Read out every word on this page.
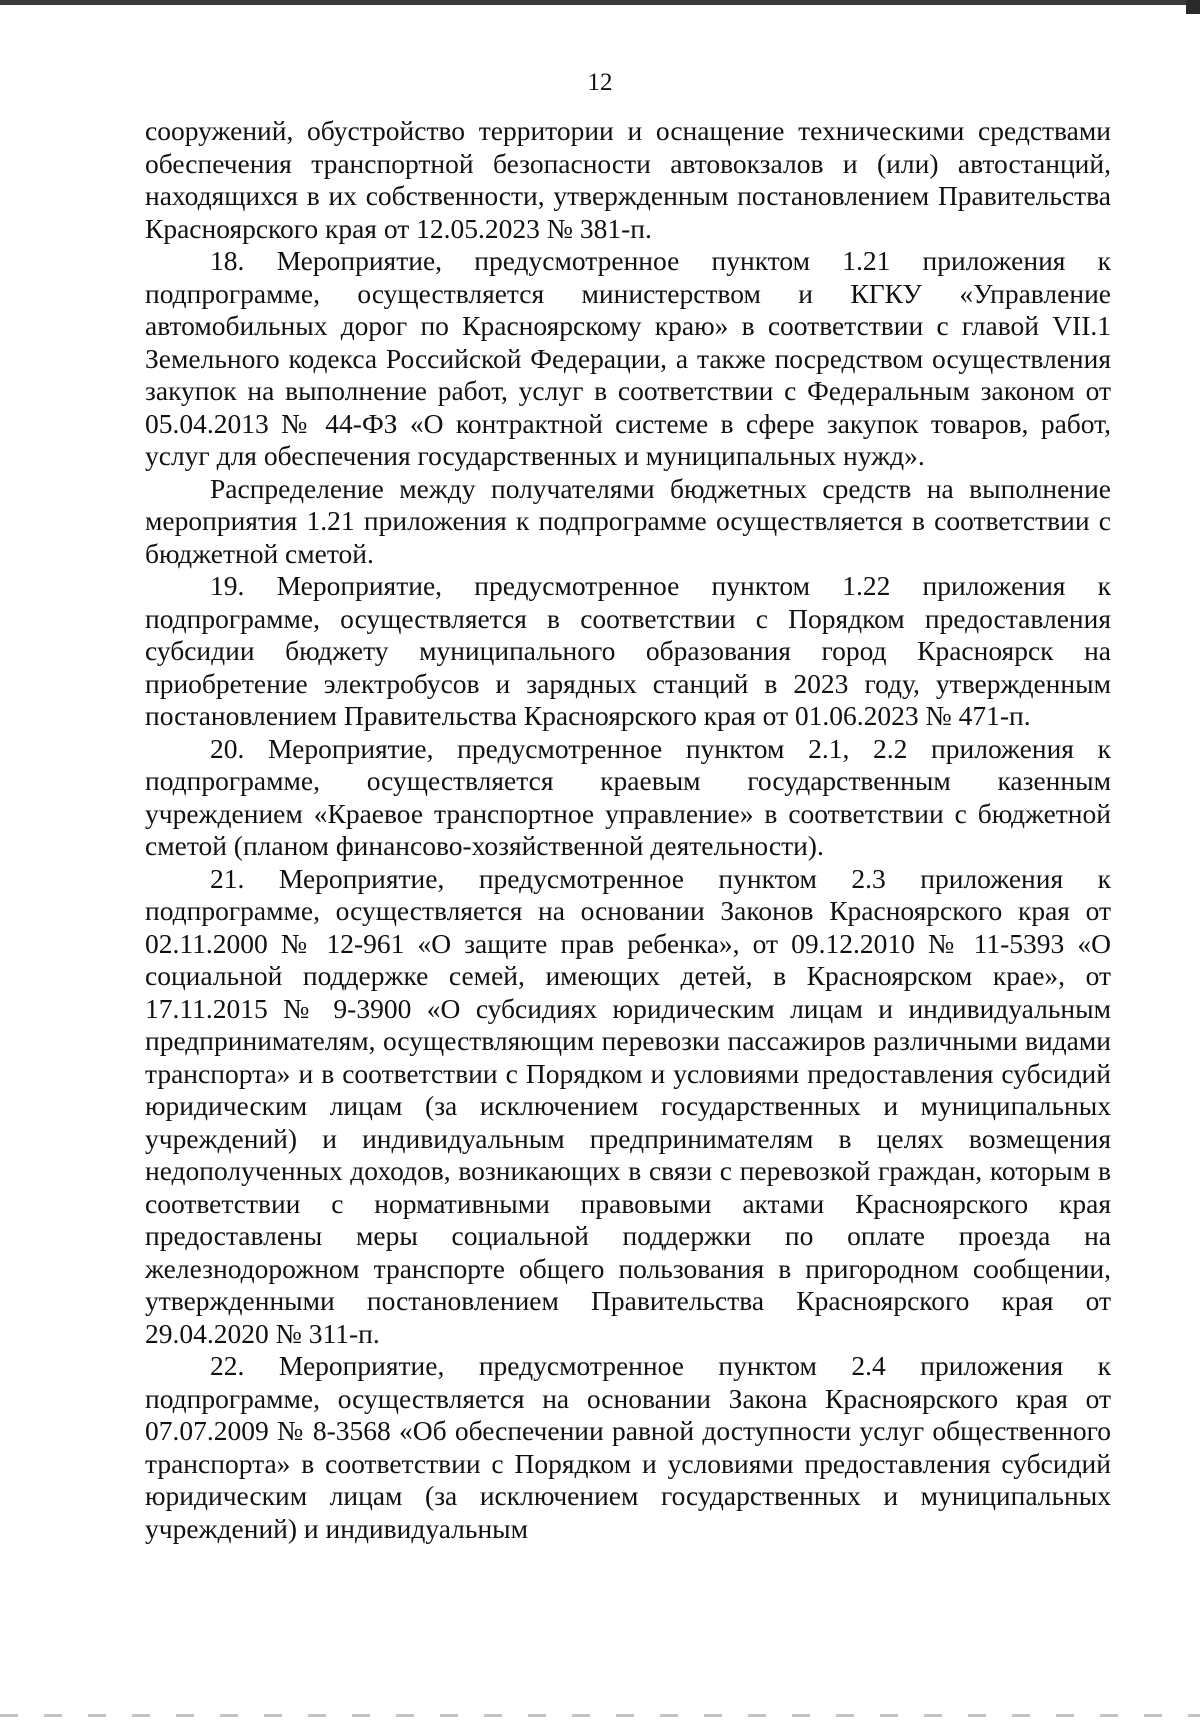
12

сооружений, обустройство территории и оснащение техническими средствами обеспечения транспортной безопасности автовокзалов и (или) автостанций, находящихся в их собственности, утвержденным постановлением Правительства Красноярского края от 12.05.2023 № 381-п.

18. Мероприятие, предусмотренное пунктом 1.21 приложения к подпрограмме, осуществляется министерством и КГКУ «Управление автомобильных дорог по Красноярскому краю» в соответствии с главой VII.1 Земельного кодекса Российской Федерации, а также посредством осуществления закупок на выполнение работ, услуг в соответствии с Федеральным законом от 05.04.2013 № 44-ФЗ «О контрактной системе в сфере закупок товаров, работ, услуг для обеспечения государственных и муниципальных нужд».

Распределение между получателями бюджетных средств на выполнение мероприятия 1.21 приложения к подпрограмме осуществляется в соответствии с бюджетной сметой.

19. Мероприятие, предусмотренное пунктом 1.22 приложения к подпрограмме, осуществляется в соответствии с Порядком предоставления субсидии бюджету муниципального образования город Красноярск на приобретение электробусов и зарядных станций в 2023 году, утвержденным постановлением Правительства Красноярского края от 01.06.2023 № 471-п.

20. Мероприятие, предусмотренное пунктом 2.1, 2.2 приложения к подпрограмме, осуществляется краевым государственным казенным учреждением «Краевое транспортное управление» в соответствии с бюджетной сметой (планом финансово-хозяйственной деятельности).

21. Мероприятие, предусмотренное пунктом 2.3 приложения к подпрограмме, осуществляется на основании Законов Красноярского края от 02.11.2000 № 12-961 «О защите прав ребенка», от 09.12.2010 № 11-5393 «О социальной поддержке семей, имеющих детей, в Красноярском крае», от 17.11.2015 № 9-3900 «О субсидиях юридическим лицам и индивидуальным предпринимателям, осуществляющим перевозки пассажиров различными видами транспорта» и в соответствии с Порядком и условиями предоставления субсидий юридическим лицам (за исключением государственных и муниципальных учреждений) и индивидуальным предпринимателям в целях возмещения недополученных доходов, возникающих в связи с перевозкой граждан, которым в соответствии с нормативными правовыми актами Красноярского края предоставлены меры социальной поддержки по оплате проезда на железнодорожном транспорте общего пользования в пригородном сообщении, утвержденными постановлением Правительства Красноярского края от 29.04.2020 № 311-п.

22. Мероприятие, предусмотренное пунктом 2.4 приложения к подпрограмме, осуществляется на основании Закона Красноярского края от 07.07.2009 № 8-3568 «Об обеспечении равной доступности услуг общественного транспорта» в соответствии с Порядком и условиями предоставления субсидий юридическим лицам (за исключением государственных и муниципальных учреждений) и индивидуальным
